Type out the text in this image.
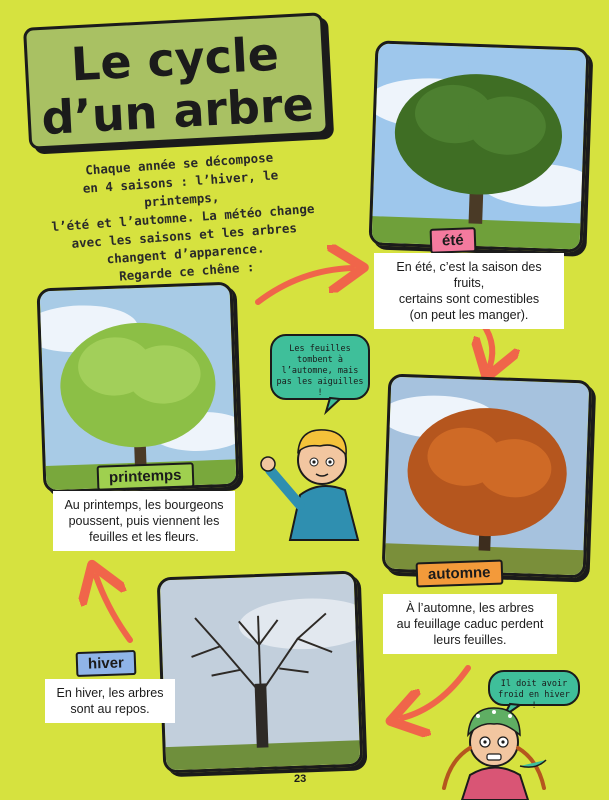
Le cycle
d’un arbre
Chaque année se décompose
en 4 saisons : l’hiver, le printemps,
l’été et l’automne. La météo change
avec les saisons et les arbres
changent d’apparence.
Regarde ce chêne :
été
En été, c’est la saison des fruits,
certains sont comestibles
(on peut les manger).
printemps
Au printemps, les bourgeons
poussent, puis viennent les
feuilles et les fleurs.
automne
À l’automne, les arbres
au feuillage caduc perdent
leurs feuilles.
hiver
En hiver, les arbres
sont au repos.
Les feuilles
tombent à
l’automne, mais
pas les aiguilles !
Il doit avoir
froid en hiver !
23
